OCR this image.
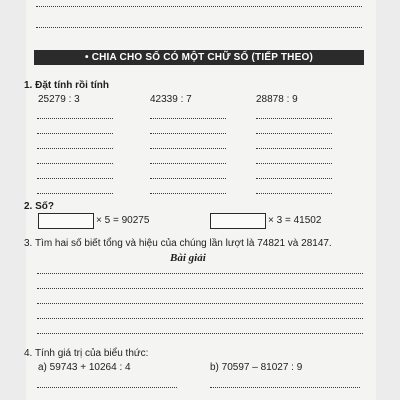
• CHIA CHO SỐ CÓ MỘT CHỮ SỐ (TIẾP THEO)
1. Đặt tính rồi tính
25279 : 3	42339 : 7	28878 : 9
2. Số?
× 5 = 90275	× 3 = 41502
3. Tìm hai số biết tổng và hiệu của chúng lần lượt là 74821 và 28147.
Bài giải
4. Tính giá trị của biểu thức:
a) 59743 + 10264 : 4	b) 70597 – 81027 : 9
